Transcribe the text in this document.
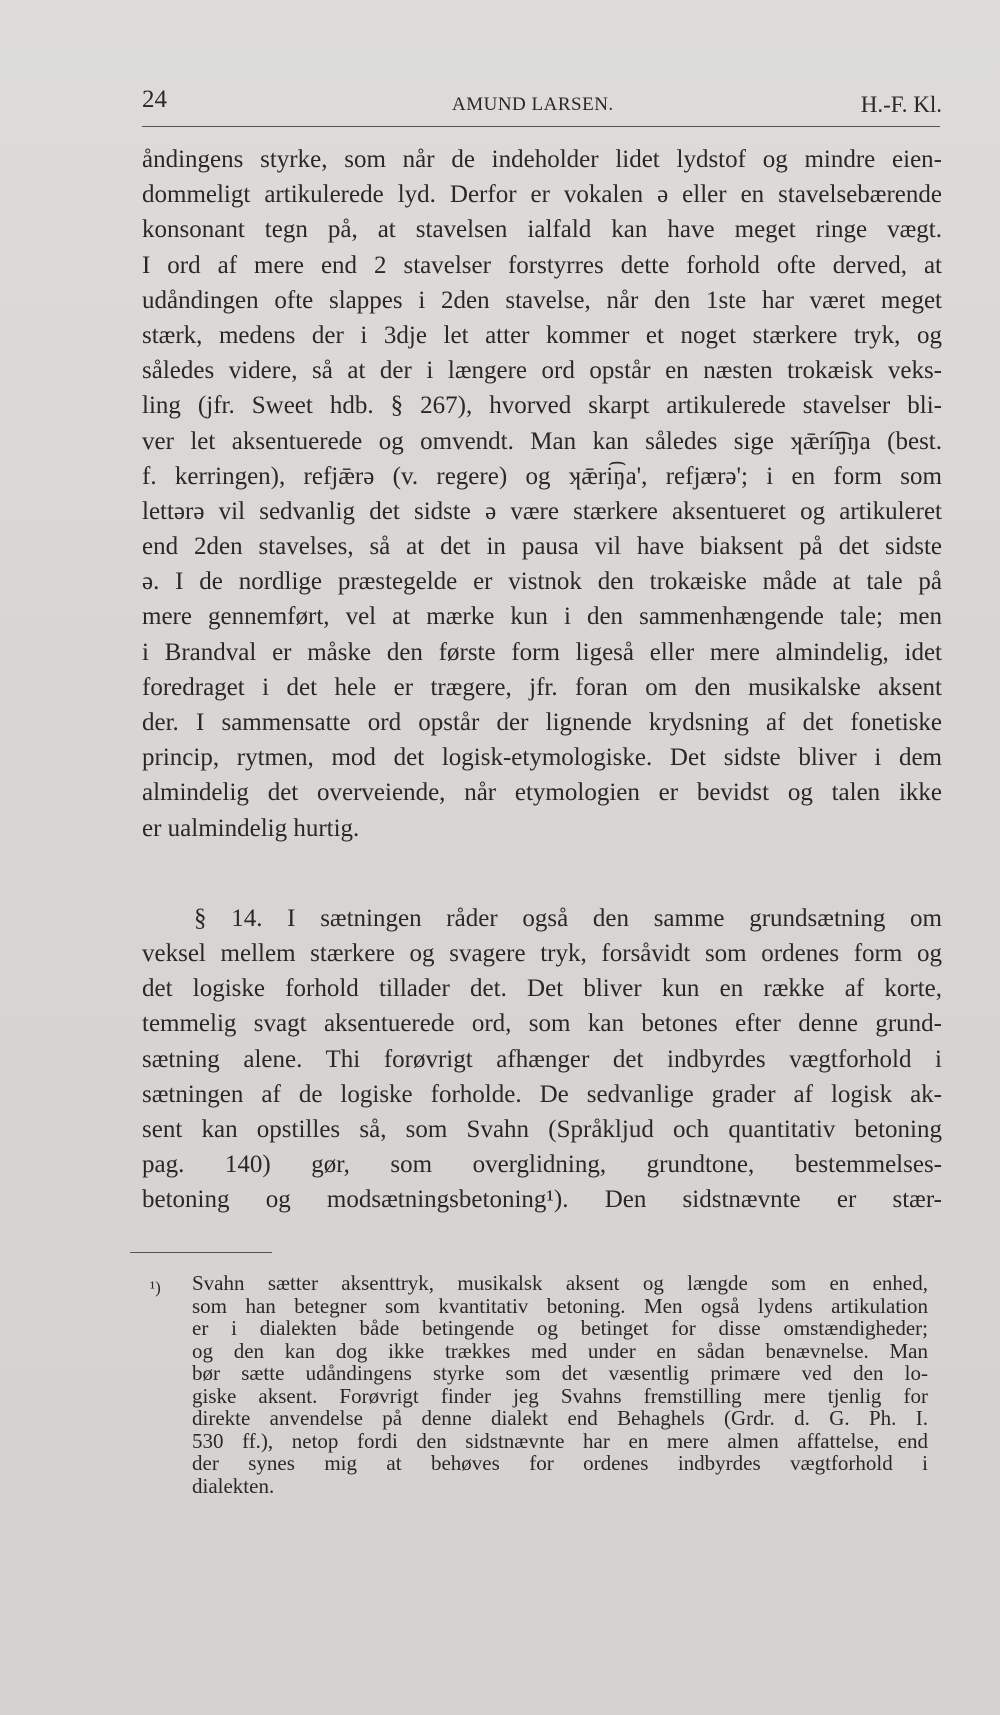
24	AMUND LARSEN.	H.-F. Kl.
åndingens styrke, som når de indeholder lidet lydstof og mindre eien-
dommeligt artikulerede lyd. Derfor er vokalen ə eller en stavelsebærende
konsonant tegn på, at stavelsen ialfald kan have meget ringe vægt.
I ord af mere end 2 stavelser forstyrres dette forhold ofte derved, at
udåndingen ofte slappes i 2den stavelse, når den 1ste har været meget
stærk, medens der i 3dje let atter kommer et noget stærkere tryk, og
således videre, så at der i længere ord opstår en næsten trokæisk veks-
ling (jfr. Sweet hdb. § 267), hvorved skarpt artikulerede stavelser bli-
ver let aksentuerede og omvendt. Man kan således sige ʞǣrí͡ŋŋa (best.
f. kerringen), refjǣrə (v. regere) og ʞǣri͡ŋa', refjærə'; i en form som
lettərə vil sedvanlig det sidste ə være stærkere aksentueret og artikuleret
end 2den stavelses, så at det in pausa vil have biaksent på det sidste
ə. I de nordlige præstegelde er vistnok den trokæiske måde at tale på
mere gennemført, vel at mærke kun i den sammenhængende tale; men
i Brandval er måske den første form ligeså eller mere almindelig, idet
foredraget i det hele er trægere, jfr. foran om den musikalske aksent
der. I sammensatte ord opstår der lignende krydsning af det fonetiske
princip, rytmen, mod det logisk-etymologiske. Det sidste bliver i dem
almindelig det overveiende, når etymologien er bevidst og talen ikke
er ualmindelig hurtig.
§ 14. I sætningen råder også den samme grundsætning om
veksel mellem stærkere og svagere tryk, forsåvidt som ordenes form og
det logiske forhold tillader det. Det bliver kun en række af korte,
temmelig svagt aksentuerede ord, som kan betones efter denne grund-
sætning alene. Thi forøvrigt afhænger det indbyrdes vægtforhold i
sætningen af de logiske forholde. De sedvanlige grader af logisk ak-
sent kan opstilles så, som Svahn (Språkljud och quantitativ betoning
pag. 140) gør, som overglidning, grundtone, bestemmelses-
betoning og modsætningsbetoning¹). Den sidstnævnte er stær-
¹) Svahn sætter aksenttryk, musikalsk aksent og længde som en enhed,
som han betegner som kvantitativ betoning. Men også lydens artikulation
er i dialekten både betingende og betinget for disse omstændigheder;
og den kan dog ikke trækkes med under en sådan benævnelse. Man
bør sætte udåndingens styrke som det væsentlig primære ved den lo-
giske aksent. Forøvrigt finder jeg Svahns fremstilling mere tjenlig for
direkte anvendelse på denne dialekt end Behaghels (Grdr. d. G. Ph. I.
530 ff.), netop fordi den sidstnævnte har en mere almen affattelse, end
der synes mig at behøves for ordenes indbyrdes vægtforhold i
dialekten.
